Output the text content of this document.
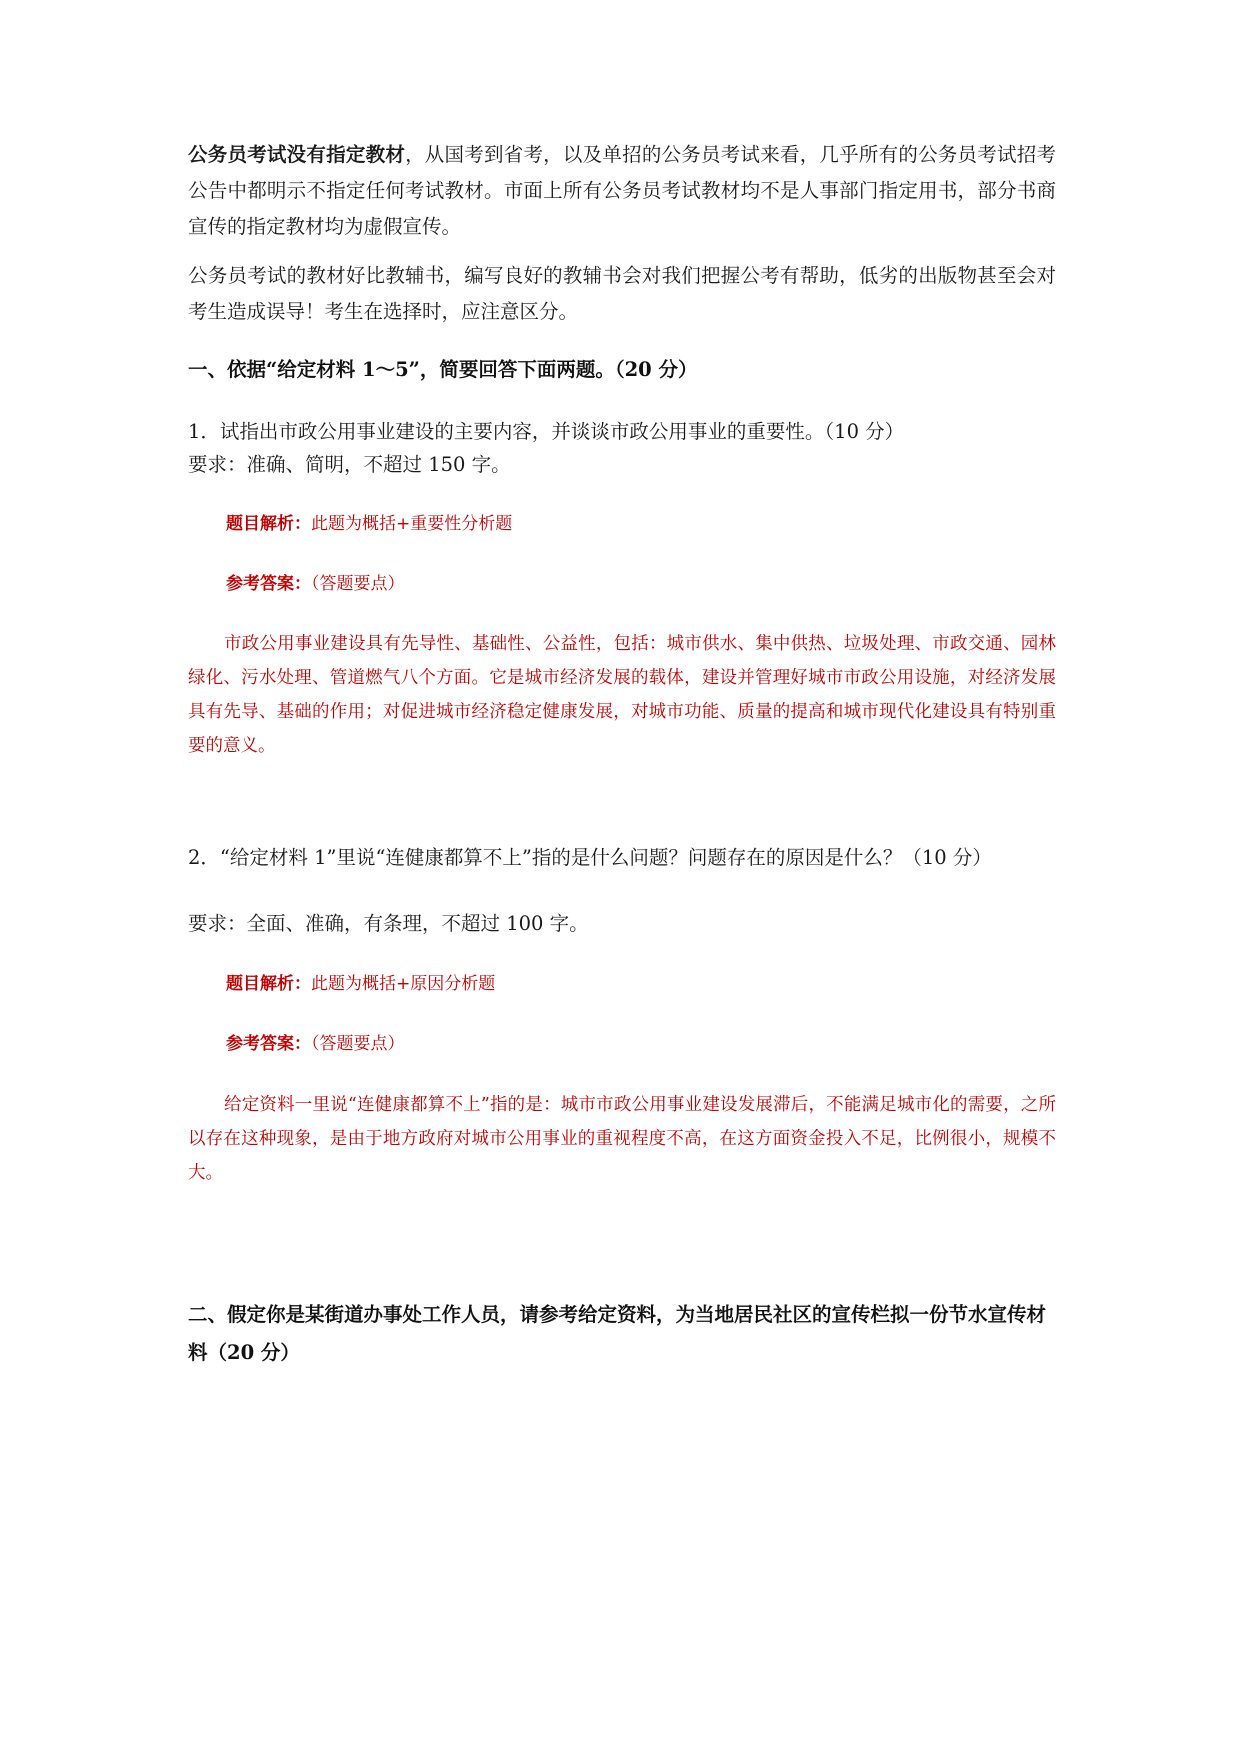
公务员考试没有指定教材，从国考到省考，以及单招的公务员考试来看，几乎所有的公务员考试招考公告中都明示不指定任何考试教材。市面上所有公务员考试教材均不是人事部门指定用书，部分书商宣传的指定教材均为虚假宣传。
公务员考试的教材好比教辅书，编写良好的教辅书会对我们把握公考有帮助，低劣的出版物甚至会对考生造成误导！考生在选择时，应注意区分。
一、依据“给定材料 1～5”，简要回答下面两题。（20 分）
1．试指出市政公用事业建设的主要内容，并谈谈市政公用事业的重要性。（10 分）
要求：准确、简明，不超过 150 字。
题目解析：此题为概括+重要性分析题
参考答案：（答题要点）
市政公用事业建设具有先导性、基础性、公益性，包括：城市供水、集中供热、垃圾处理、市政交通、园林绿化、污水处理、管道燃气八个方面。它是城市经济发展的载体，建设并管理好城市市政公用设施，对经济发展具有先导、基础的作用；对促进城市经济稳定健康发展，对城市功能、质量的提高和城市现代化建设具有特别重要的意义。
2．“给定材料 1”里说“连健康都算不上”指的是什么问题？问题存在的原因是什么？（10 分）
要求：全面、准确，有条理，不超过 100 字。
题目解析：此题为概括+原因分析题
参考答案：（答题要点）
给定资料一里说“连健康都算不上”指的是：城市市政公用事业建设发展滞后，不能满足城市化的需要，之所以存在这种现象，是由于地方政府对城市公用事业的重视程度不高，在这方面资金投入不足，比例很小，规模不大。
二、假定你是某街道办事处工作人员，请参考给定资料，为当地居民社区的宣传栏拟一份节水宣传材料（20 分）
